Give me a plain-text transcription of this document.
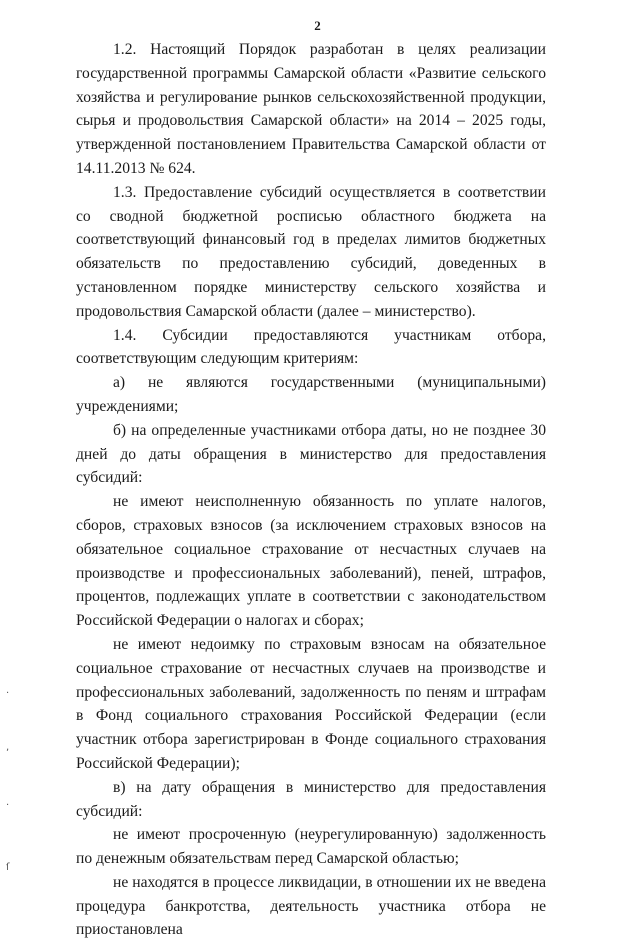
2

1.2. Настоящий Порядок разработан в целях реализации государственной программы Самарской области «Развитие сельского хозяйства и регулирование рынков сельскохозяйственной продукции, сырья и продовольствия Самарской области» на 2014 – 2025 годы, утвержденной постановлением Правительства Самарской области от 14.11.2013 № 624.

1.3. Предоставление субсидий осуществляется в соответствии со сводной бюджетной росписью областного бюджета на соответствующий финансовый год в пределах лимитов бюджетных обязательств по предоставлению субсидий, доведенных в установленном порядке министерству сельского хозяйства и продовольствия Самарской области (далее – министерство).

1.4. Субсидии предоставляются участникам отбора, соответствующим следующим критериям:

а) не являются государственными (муниципальными) учреждениями;

б) на определенные участниками отбора даты, но не позднее 30 дней до даты обращения в министерство для предоставления субсидий:

не имеют неисполненную обязанность по уплате налогов, сборов, страховых взносов (за исключением страховых взносов на обязательное социальное страхование от несчастных случаев на производстве и профессиональных заболеваний), пеней, штрафов, процентов, подлежащих уплате в соответствии с законодательством Российской Федерации о налогах и сборах;

не имеют недоимку по страховым взносам на обязательное социальное страхование от несчастных случаев на производстве и профессиональных заболеваний, задолженность по пеням и штрафам в Фонд социального страхования Российской Федерации (если участник отбора зарегистрирован в Фонде социального страхования Российской Федерации);

в) на дату обращения в министерство для предоставления субсидий:

не имеют просроченную (неурегулированную) задолженность по денежным обязательствам перед Самарской областью;

не находятся в процессе ликвидации, в отношении их не введена процедура банкротства, деятельность участника отбора не приостановлена

·
,
·
ſ
